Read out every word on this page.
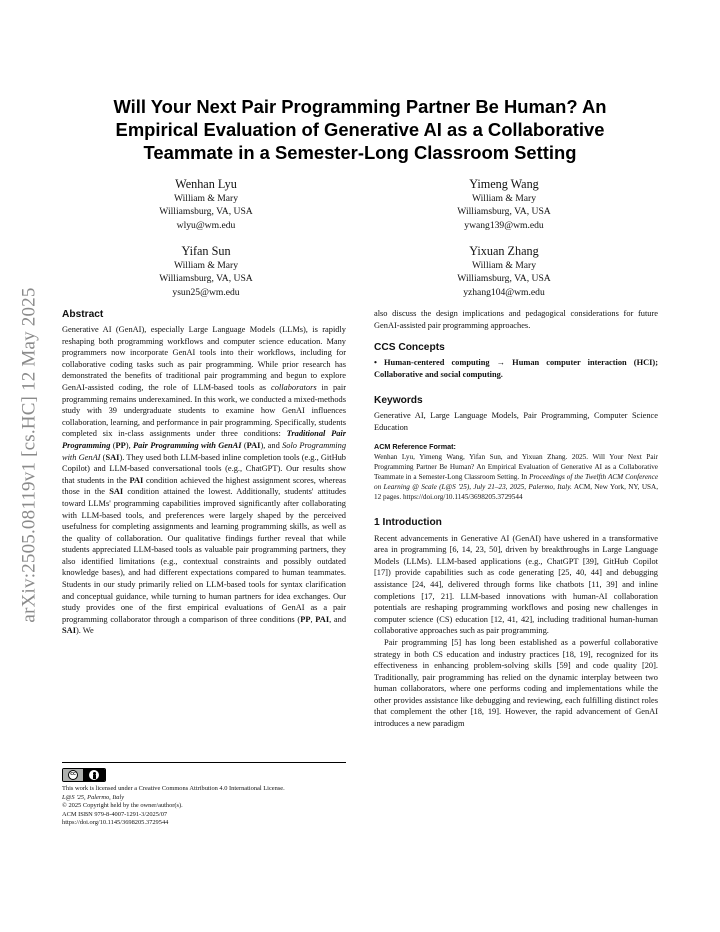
arXiv:2505.08119v1 [cs.HC] 12 May 2025
Will Your Next Pair Programming Partner Be Human? An
Empirical Evaluation of Generative AI as a Collaborative
Teammate in a Semester-Long Classroom Setting
Wenhan Lyu
William & Mary
Williamsburg, VA, USA
wlyu@wm.edu
Yimeng Wang
William & Mary
Williamsburg, VA, USA
ywang139@wm.edu
Yifan Sun
William & Mary
Williamsburg, VA, USA
ysun25@wm.edu
Yixuan Zhang
William & Mary
Williamsburg, VA, USA
yzhang104@wm.edu
Abstract

Generative AI (GenAI), especially Large Language Models (LLMs), is rapidly reshaping both programming workflows and computer science education. Many programmers now incorporate GenAI tools into their workflows, including for collaborative coding tasks such as pair programming. While prior research has demonstrated the benefits of traditional pair programming and begun to explore GenAI-assisted coding, the role of LLM-based tools as collaborators in pair programming remains underexamined. In this work, we conducted a mixed-methods study with 39 undergraduate students to examine how GenAI influences collaboration, learning, and performance in pair programming. Specifically, students completed six in-class assignments under three conditions: Traditional Pair Programming (PP), Pair Programming with GenAI (PAI), and Solo Programming with GenAI (SAI). They used both LLM-based inline completion tools (e.g., GitHub Copilot) and LLM-based conversational tools (e.g., ChatGPT). Our results show that students in the PAI condition achieved the highest assignment scores, whereas those in the SAI condition attained the lowest. Additionally, students' attitudes toward LLMs' programming capabilities improved significantly after collaborating with LLM-based tools, and preferences were largely shaped by the perceived usefulness for completing assignments and learning programming skills, as well as the quality of collaboration. Our qualitative findings further reveal that while students appreciated LLM-based tools as valuable pair programming partners, they also identified limitations (e.g., contextual constraints and possibly outdated knowledge bases), and had different expectations compared to human teammates. Students in our study primarily relied on LLM-based tools for syntax clarification and conceptual guidance, while turning to human partners for idea exchanges. Our study provides one of the first empirical evaluations of GenAI as a pair programming collaborator through a comparison of three conditions (PP, PAI, and SAI). We

also discuss the design implications and pedagogical considerations for future GenAI-assisted pair programming approaches.

CCS Concepts

• Human-centered computing → Human computer interaction (HCI); Collaborative and social computing.

Keywords

Generative AI, Large Language Models, Pair Programming, Computer Science Education

ACM Reference Format:

Wenhan Lyu, Yimeng Wang, Yifan Sun, and Yixuan Zhang. 2025. Will Your Next Pair Programming Partner Be Human? An Empirical Evaluation of Generative AI as a Collaborative Teammate in a Semester-Long Classroom Setting. In Proceedings of the Twelfth ACM Conference on Learning @ Scale (L@S '25), July 21–23, 2025, Palermo, Italy. ACM, New York, NY, USA, 12 pages. https://doi.org/10.1145/3698205.3729544

1 Introduction

Recent advancements in Generative AI (GenAI) have ushered in a transformative area in programming [6, 14, 23, 50], driven by breakthroughs in Large Language Models (LLMs). LLM-based applications (e.g., ChatGPT [39], GitHub Copilot [17]) provide capabilities such as code generating [25, 40, 44] and debugging assistance [24, 44], delivered through forms like chatbots [11, 39] and inline completions [17, 21]. LLM-based innovations with human-AI collaboration potentials are reshaping programming workflows and posing new challenges in computer science (CS) education [12, 41, 42], including traditional human-human collaborative approaches such as pair programming.

Pair programming [5] has long been established as a powerful collaborative strategy in both CS education and industry practices [18, 19], recognized for its effectiveness in enhancing problem-solving skills [59] and code quality [20]. Traditionally, pair programming has relied on the dynamic interplay between two human collaborators, where one performs coding and implementations while the other provides assistance like debugging and reviewing, each fulfilling distinct roles that complement the other [18, 19]. However, the rapid advancement of GenAI introduces a new paradigm

cc
This work is licensed under a Creative Commons Attribution 4.0 International License.
L@S '25, Palermo, Italy
© 2025 Copyright held by the owner/author(s).
ACM ISBN 979-8-4007-1291-3/2025/07
https://doi.org/10.1145/3698205.3729544
